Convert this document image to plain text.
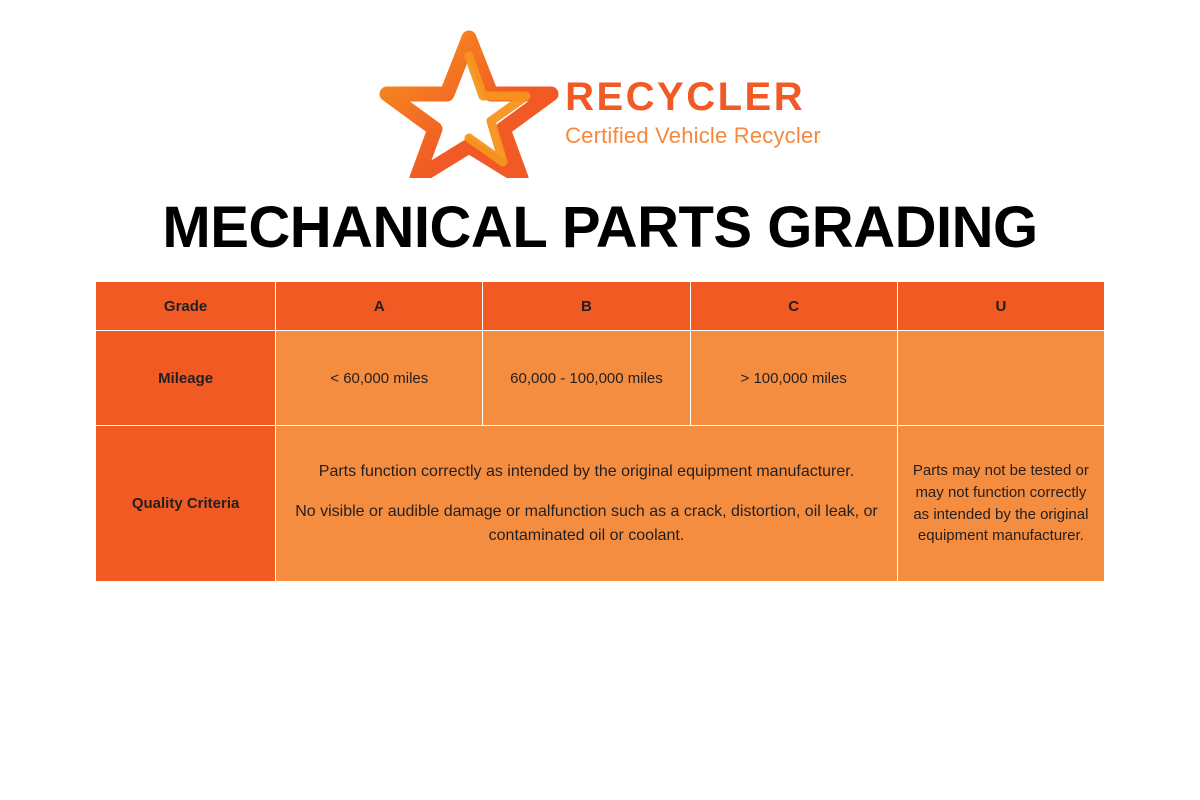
RECYCLER
Certified Vehicle Recycler
MECHANICAL PARTS GRADING
Grade	A	B	C	U
Mileage	< 60,000 miles	60,000 - 100,000 miles	> 100,000 miles	
Quality Criteria	Parts function correctly as intended by the original equipment manufacturer.

No visible or audible damage or malfunction such as a crack, distortion, oil leak, or contaminated oil or coolant.			Parts may not be tested or may not function correctly as intended by the original equipment manufacturer.
